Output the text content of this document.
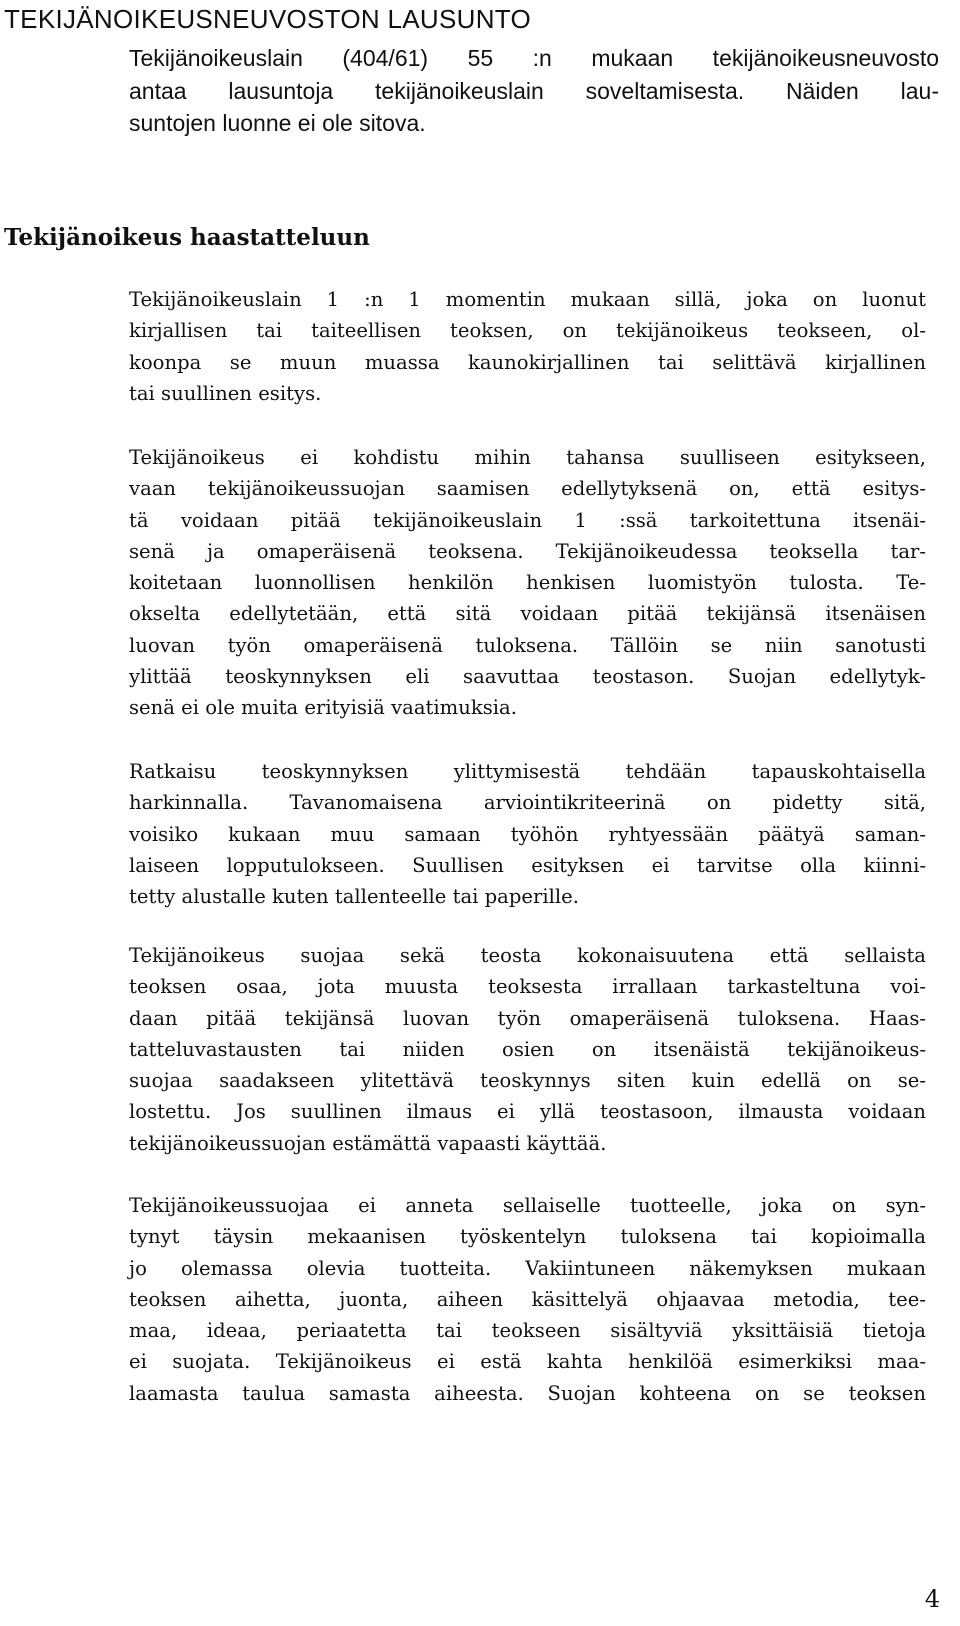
TEKIJÄNOIKEUSNEUVOSTON LAUSUNTO
Tekijänoikeuslain (404/61) 55 :n mukaan tekijänoikeusneuvosto
antaa lausuntoja tekijänoikeuslain soveltamisesta. Näiden lau-
suntojen luonne ei ole sitova.
Tekijänoikeus haastatteluun
Tekijänoikeuslain 1 :n 1 momentin mukaan sillä, joka on luonut
kirjallisen tai taiteellisen teoksen, on tekijänoikeus teokseen, ol-
koonpa se muun muassa kaunokirjallinen tai selittävä kirjallinen
tai suullinen esitys.
Tekijänoikeus ei kohdistu mihin tahansa suulliseen esitykseen,
vaan tekijänoikeussuojan saamisen edellytyksenä on, että esitys-
tä voidaan pitää tekijänoikeuslain 1 :ssä tarkoitettuna itsenäi-
senä ja omaperäisenä teoksena. Tekijänoikeudessa teoksella tar-
koitetaan luonnollisen henkilön henkisen luomistyön tulosta. Te-
okselta edellytetään, että sitä voidaan pitää tekijänsä itsenäisen
luovan työn omaperäisenä tuloksena. Tällöin se niin sanotusti
ylittää teoskynnyksen eli saavuttaa teostason. Suojan edellytyk-
senä ei ole muita erityisiä vaatimuksia.
Ratkaisu teoskynnyksen ylittymisestä tehdään tapauskohtaisella
harkinnalla. Tavanomaisena arviointikriteerinä on pidetty sitä,
voisiko kukaan muu samaan työhön ryhtyessään päätyä saman-
laiseen lopputulokseen. Suullisen esityksen ei tarvitse olla kiinni-
tetty alustalle kuten tallenteelle tai paperille.
Tekijänoikeus suojaa sekä teosta kokonaisuutena että sellaista
teoksen osaa, jota muusta teoksesta irrallaan tarkasteltuna voi-
daan pitää tekijänsä luovan työn omaperäisenä tuloksena. Haas-
tatteluvastausten tai niiden osien on itsenäistä tekijänoikeus-
suojaa saadakseen ylitettävä teoskynnys siten kuin edellä on se-
lostettu. Jos suullinen ilmaus ei yllä teostasoon, ilmausta voidaan
tekijänoikeussuojan estämättä vapaasti käyttää.
Tekijänoikeussuojaa ei anneta sellaiselle tuotteelle, joka on syn-
tynyt täysin mekaanisen työskentelyn tuloksena tai kopioimalla
jo olemassa olevia tuotteita. Vakiintuneen näkemyksen mukaan
teoksen aihetta, juonta, aiheen käsittelyä ohjaavaa metodia, tee-
maa, ideaa, periaatetta tai teokseen sisältyviä yksittäisiä tietoja
ei suojata. Tekijänoikeus ei estä kahta henkilöä esimerkiksi maa-
laamasta taulua samasta aiheesta. Suojan kohteena on se teoksen
4
